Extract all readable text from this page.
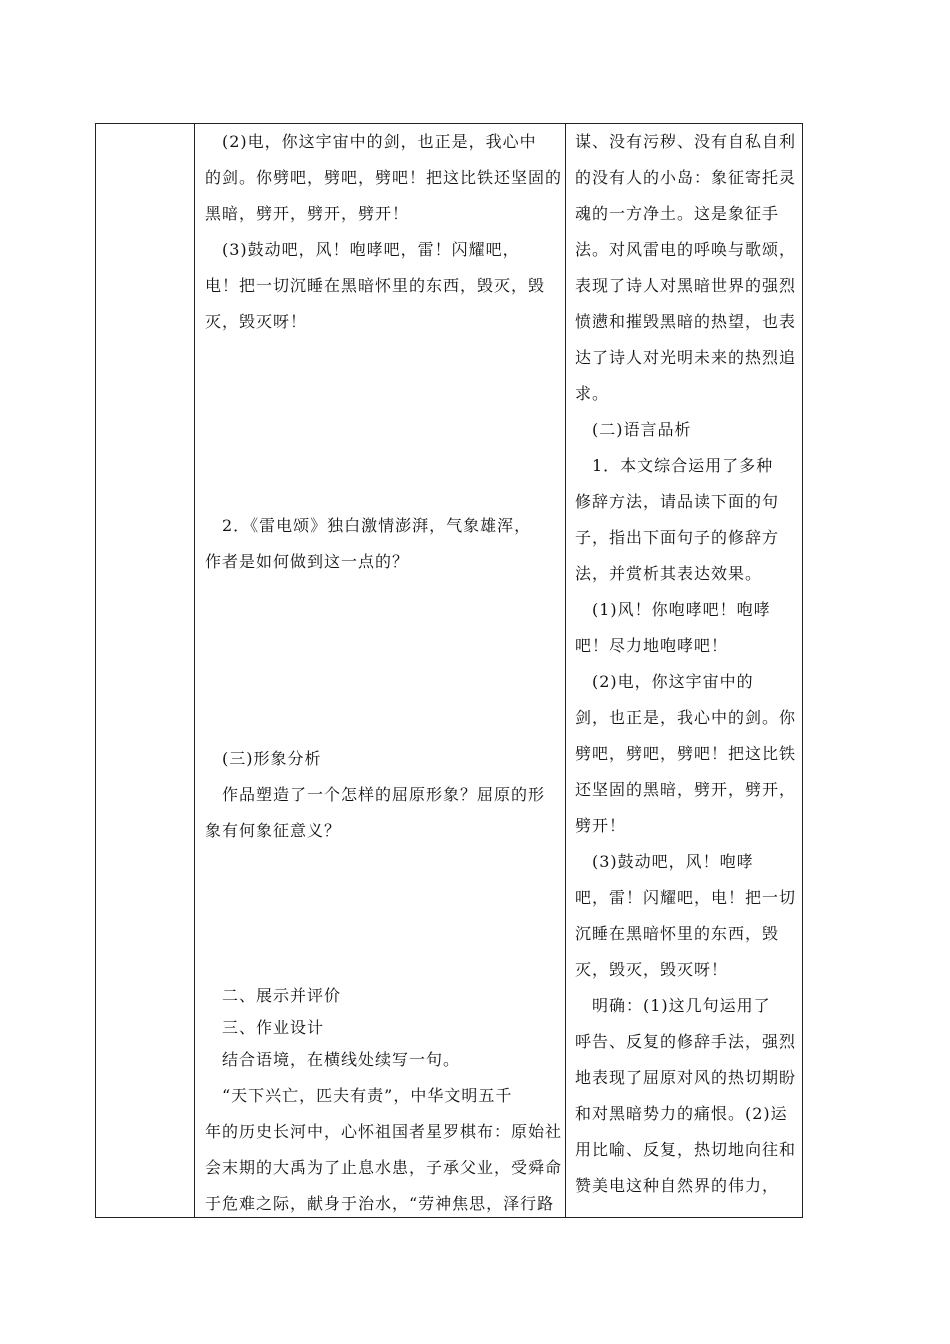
　(2)电，你这宇宙中的剑，也正是，我心中
的剑。你劈吧，劈吧，劈吧！把这比铁还坚固的
黑暗，劈开，劈开，劈开！
　(3)鼓动吧，风！咆哮吧，雷！闪耀吧，
电！把一切沉睡在黑暗怀里的东西，毁灭，毁
灭，毁灭呀！
　2．《雷电颂》独白激情澎湃，气象雄浑，
作者是如何做到这一点的？
　(三)形象分析
　作品塑造了一个怎样的屈原形象？屈原的形
象有何象征意义？
　二、展示并评价
　三、作业设计
　结合语境，在横线处续写一句。
　“天下兴亡，匹夫有责”，中华文明五千
年的历史长河中，心怀祖国者星罗棋布：原始社
会末期的大禹为了止息水患，子承父业，受舜命
于危难之际，献身于治水，“劳神焦思，泽行路
谋、没有污秽、没有自私自利
的没有人的小岛：象征寄托灵
魂的一方净土。这是象征手
法。对风雷电的呼唤与歌颂，
表现了诗人对黑暗世界的强烈
愤懑和摧毁黑暗的热望，也表
达了诗人对光明未来的热烈追
求。
　(二)语言品析
　1．本文综合运用了多种
修辞方法，请品读下面的句
子，指出下面句子的修辞方
法，并赏析其表达效果。
　(1)风！你咆哮吧！咆哮
吧！尽力地咆哮吧！
　(2)电，你这宇宙中的
剑，也正是，我心中的剑。你
劈吧，劈吧，劈吧！把这比铁
还坚固的黑暗，劈开，劈开，
劈开！
　(3)鼓动吧，风！咆哮
吧，雷！闪耀吧，电！把一切
沉睡在黑暗怀里的东西，毁
灭，毁灭，毁灭呀！
　明确：(1)这几句运用了
呼告、反复的修辞手法，强烈
地表现了屈原对风的热切期盼
和对黑暗势力的痛恨。(2)运
用比喻、反复，热切地向往和
赞美电这种自然界的伟力，
